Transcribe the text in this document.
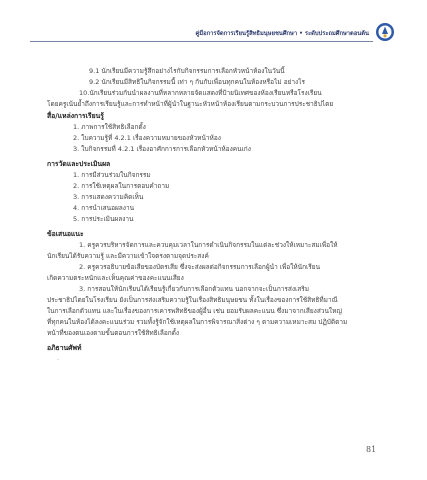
คู่มือการจัดการเรียนรู้สิทธิมนุษยชนศึกษา • ระดับประถมศึกษาตอนต้น
9.1 นักเรียนมีความรู้สึกอย่างไรกับกิจกรรมการเลือกหัวหน้าห้องในวันนี้
9.2 นักเรียนมีสิทธิในกิจกรรมนี้ เท่า ๆ กันกับเพื่อนทุกคนในห้องหรือไม่ อย่างไร
10.นักเรียนร่วมกันนำผลงานที่หลากหลายจัดแสดงที่ป้ายนิเทศของห้องเรียนหรือโรงเรียน
โดยครูเน้นย้ำถึงการเรียนรู้และการทำหน้าที่ผู้นำในฐานะหัวหน้าห้องเรียนตามกระบวนการประชาธิปไตย
สื่อ/แหล่งการเรียนรู้
1. ภาพการใช้สิทธิเลือกตั้ง
2. ใบความรู้ที่ 4.2.1 เรื่องความหมายของหัวหน้าห้อง
3. ใบกิจกรรมที่ 4.2.1 เรื่องอาศักการการเลือกหัวหน้าห้องคนเก่ง
การวัดและประเมินผล
1. การมีส่วนร่วมในกิจกรรม
2. การใช้เหตุผลในการตอบคำถาม
3. การแสดงความคิดเห็น
4. การนำเสนอผลงาน
5. การประเมินผลงาน
ข้อเสนอแนะ
1. ครูควรบริหารจัดการและควบคุมเวลาในการดำเนินกิจกรรมในแต่ละช่วงให้เหมาะสมเพื่อให้
นักเรียนได้รับความรู้ และมีความเข้าใจตรงตามจุดประสงค์
2. ครูควรอธิบายข้อเสียของบัตรเสีย ซึ่งจะส่งผลต่อกิจกรรมการเลือกผู้นำ เพื่อให้นักเรียน
เกิดความตระหนักและเห็นคุณค่าของคะแนนเสียง
3. การสอนให้นักเรียนได้เรียนรู้เกี่ยวกับการเลือกตัวแทน นอกจากจะเป็นการส่งเสริม
ประชาธิปไตยในโรงเรียน ยังเป็นการส่งเสริมความรู้ในเรื่องสิทธิมนุษยชน ทั้งในเรื่องของการใช้สิทธิที่มาณี
ในการเลือกตัวแทน และในเรื่องของการเคารพสิทธิของผู้อื่น เช่น ยอมรับผลคะแนน ซึ่งมาจากเสียงส่วนใหญ่
ที่ทุกคนในห้องได้ลงคะแนนร่วม รวมทั้งรู้จักใช้เหตุผลในการพิจารณาสิ่งต่าง ๆ ตามความเหมาะสม ปฏิบัติตาม
หน้าที่ของตนเองตามขั้นตอนการใช้สิทธิเลือกตั้ง
อภิธานศัพท์
-
81
